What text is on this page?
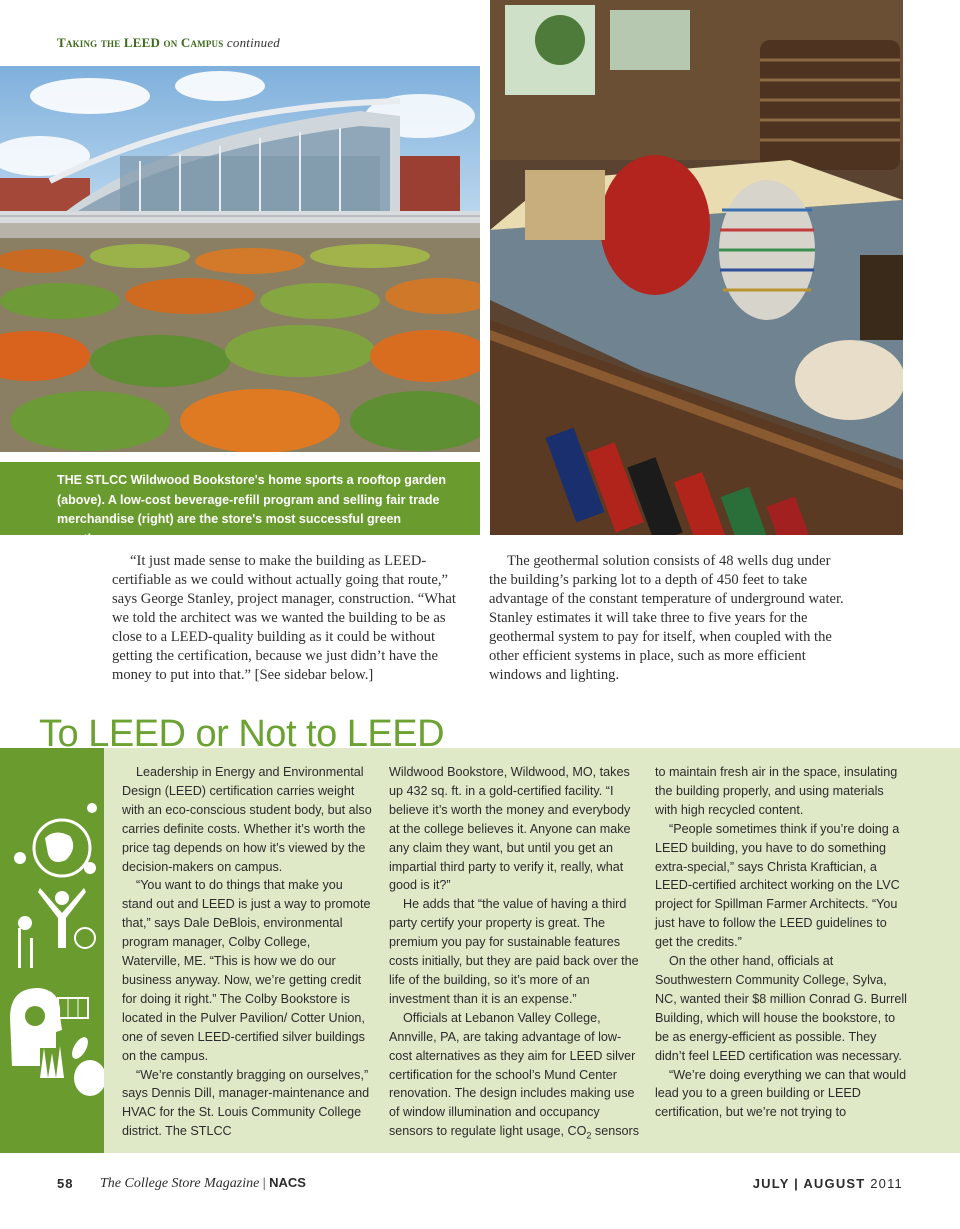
Taking the LEED on Campus continued
THE STLCC Wildwood Bookstore's home sports a rooftop garden (above). A low-cost beverage-refill program and selling fair trade merchandise (right) are the store's most successful green practices.

“It just made sense to make the building as LEED-certifiable as we could without actually going that route,” says George Stanley, project manager, construction. “What we told the architect was we wanted the building to be as close to a LEED-quality building as it could be without getting the certification, because we just didn’t have the money to put into that.” [See sidebar below.]

The geothermal solution consists of 48 wells dug under the building’s parking lot to a depth of 450 feet to take advantage of the constant temperature of underground water. Stanley estimates it will take three to five years for the geothermal system to pay for itself, when coupled with the other efficient systems in place, such as more efficient windows and lighting.

To LEED or Not to LEED

Leadership in Energy and Environmental Design (LEED) certification carries weight with an eco-conscious student body, but also carries definite costs. Whether it’s worth the price tag depends on how it’s viewed by the decision-makers on campus.

“You want to do things that make you stand out and LEED is just a way to promote that,” says Dale DeBlois, environmental program manager, Colby College, Waterville, ME. “This is how we do our business anyway. Now, we’re getting credit for doing it right.” The Colby Bookstore is located in the Pulver Pavilion/ Cotter Union, one of seven LEED-certified silver buildings on the campus.

“We’re constantly bragging on ourselves,” says Dennis Dill, manager-maintenance and HVAC for the St. Louis Community College district. The STLCC

Wildwood Bookstore, Wildwood, MO, takes up 432 sq. ft. in a gold-certified facility. “I believe it’s worth the money and everybody at the college believes it. Anyone can make any claim they want, but until you get an impartial third party to verify it, really, what good is it?”

He adds that “the value of having a third party certify your property is great. The premium you pay for sustainable features costs initially, but they are paid back over the life of the building, so it’s more of an investment than it is an expense.”

Officials at Lebanon Valley College, Annville, PA, are taking advantage of low-cost alternatives as they aim for LEED silver certification for the school’s Mund Center renovation. The design includes making use of window illumination and occupancy sensors to regulate light usage, $CO_2$ sensors

to maintain fresh air in the space, insulating the building properly, and using materials with high recycled content.

“People sometimes think if you’re doing a LEED building, you have to do something extra-special,” says Christa Kraftician, a LEED-certified architect working on the LVC project for Spillman Farmer Architects. “You just have to follow the LEED guidelines to get the credits.”

On the other hand, officials at Southwestern Community College, Sylva, NC, wanted their $8 million Conrad G. Burrell Building, which will house the bookstore, to be as energy-efficient as possible. They didn’t feel LEED certification was necessary.

“We’re doing everything we can that would lead you to a green building or LEED certification, but we’re not trying to

58 The College Store Magazine | NACS	JULY | AUGUST 2011
